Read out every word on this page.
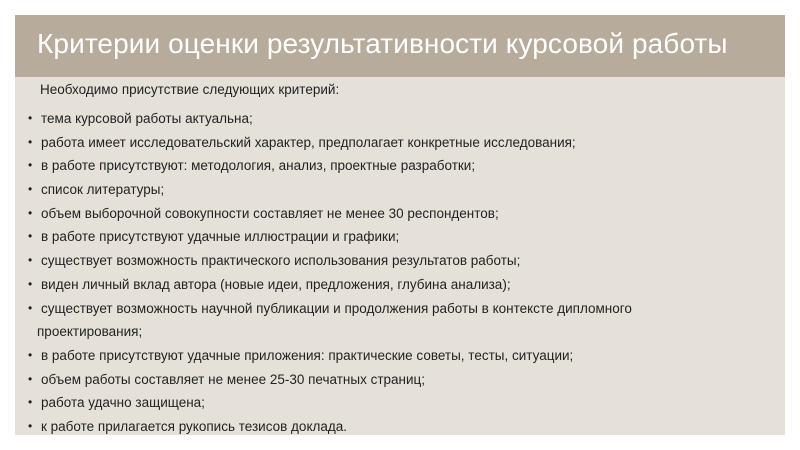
Критерии оценки результативности курсовой работы
Необходимо присутствие следующих критерий:
• тема курсовой работы актуальна;
• работа имеет исследовательский характер, предполагает конкретные исследования;
• в работе присутствуют: методология, анализ, проектные разработки;
• список литературы;
• объем выборочной совокупности составляет не менее 30 респондентов;
• в работе присутствуют удачные иллюстрации и графики;
• существует возможность практического использования результатов работы;
• виден личный вклад автора (новые идеи, предложения, глубина анализа);
• существует возможность научной публикации и продолжения работы в контексте дипломного
проектирования;
• в работе присутствуют удачные приложения: практические советы, тесты, ситуации;
• объем работы составляет не менее 25-30 печатных страниц;
• работа удачно защищена;
• к работе прилагается рукопись тезисов доклада.
